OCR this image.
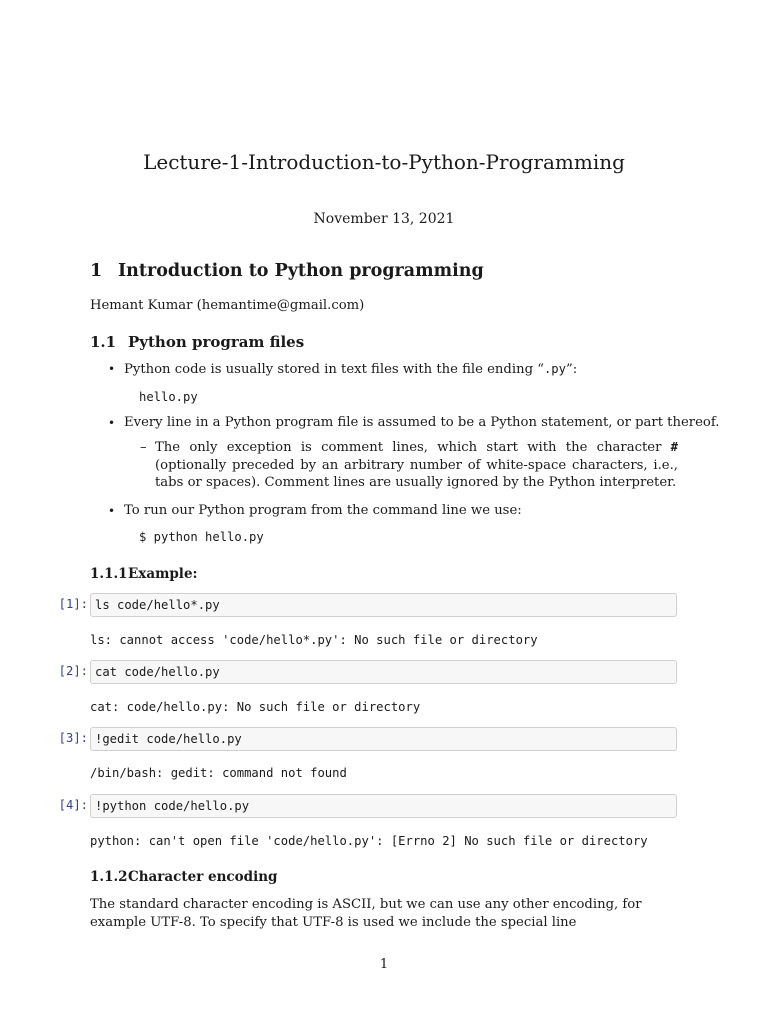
Lecture-1-Introduction-to-Python-Programming
November 13, 2021
1 Introduction to Python programming
Hemant Kumar (hemantime@gmail.com)
1.1 Python program files
• Python code is usually stored in text files with the file ending “.py”:
hello.py
• Every line in a Python program file is assumed to be a Python statement, or part thereof.
– The only exception is comment lines, which start with the character # (optionally preceded by an arbitrary number of white-space characters, i.e., tabs or spaces). Comment lines are usually ignored by the Python interpreter.
• To run our Python program from the command line we use:
$ python hello.py
1.1.1Example:
[1]: ls code/hello*.py
ls: cannot access 'code/hello*.py': No such file or directory
[2]: cat code/hello.py
cat: code/hello.py: No such file or directory
[3]: !gedit code/hello.py
/bin/bash: gedit: command not found
[4]: !python code/hello.py
python: can't open file 'code/hello.py': [Errno 2] No such file or directory
1.1.2Character encoding
The standard character encoding is ASCII, but we can use any other encoding, for example UTF-8. To specify that UTF-8 is used we include the special line
1
